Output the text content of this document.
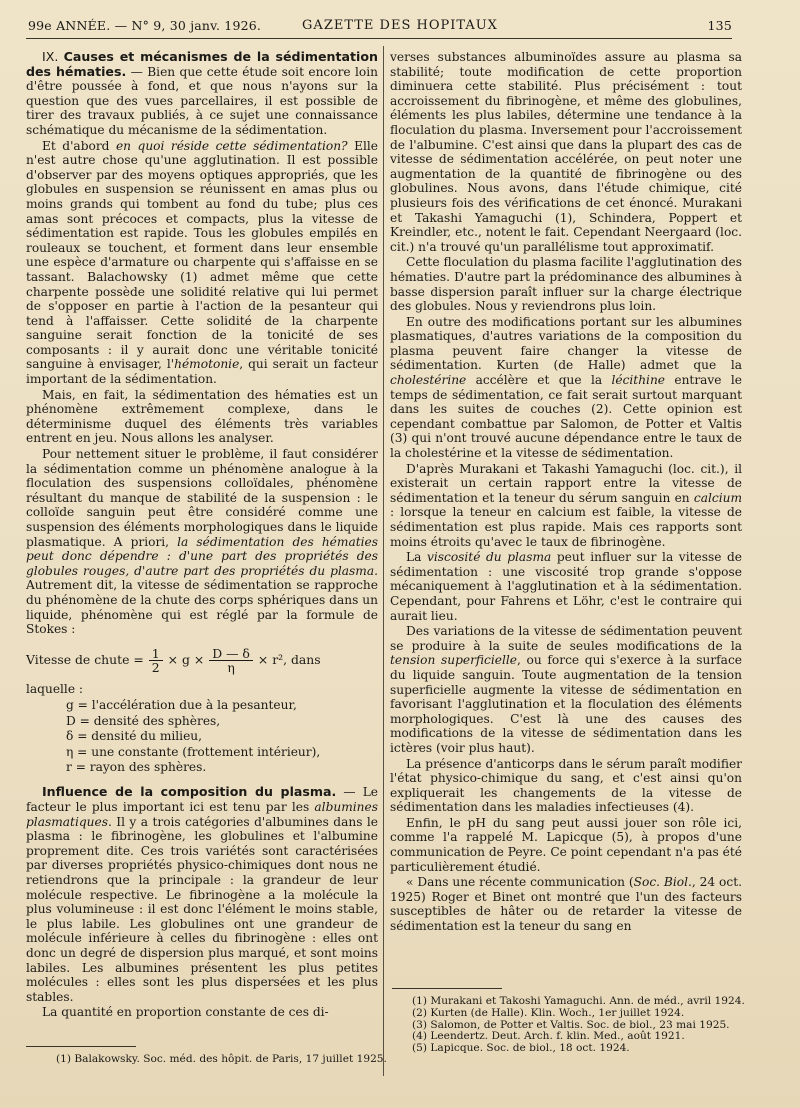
99e ANNÉE. — N° 9, 30 janv. 1926.	GAZETTE DES HOPITAUX	135

IX. Causes et mécanismes de la sédimentation des hématies. — Bien que cette étude soit encore loin d'être poussée à fond, et que nous n'ayons sur la question que des vues parcellaires, il est possible de tirer des travaux publiés, à ce sujet une connaissance schématique du mécanisme de la sédimentation.

Et d'abord en quoi réside cette sédimentation? Elle n'est autre chose qu'une agglutination. Il est possible d'observer par des moyens optiques appropriés, que les globules en suspension se réunissent en amas plus ou moins grands qui tombent au fond du tube; plus ces amas sont précoces et compacts, plus la vitesse de sédimentation est rapide. Tous les globules empilés en rouleaux se touchent, et forment dans leur ensemble une espèce d'armature ou charpente qui s'affaisse en se tassant. Balachowsky (1) admet même que cette charpente possède une solidité relative qui lui permet de s'opposer en partie à l'action de la pesanteur qui tend à l'affaisser. Cette solidité de la charpente sanguine serait fonction de la tonicité de ses composants : il y aurait donc une véritable tonicité sanguine à envisager, l'hémotonie, qui serait un facteur important de la sédimentation.

Mais, en fait, la sédimentation des hématies est un phénomène extrêmement complexe, dans le déterminisme duquel des éléments très variables entrent en jeu. Nous allons les analyser.

Pour nettement situer le problème, il faut considérer la sédimentation comme un phénomène analogue à la floculation des suspensions colloïdales, phénomène résultant du manque de stabilité de la suspension : le colloïde sanguin peut être considéré comme une suspension des éléments morphologiques dans le liquide plasmatique. A priori, la sédimentation des hématies peut donc dépendre : d'une part des propriétés des globules rouges, d'autre part des propriétés du plasma. Autrement dit, la vitesse de sédimentation se rapproche du phénomène de la chute des corps sphériques dans un liquide, phénomène qui est réglé par la formule de Stokes :

Vitesse de chute = $\frac{1}{2} \times g \times \frac{D — \delta}{\eta} \times r^2$, dans

laquelle :

g = l'accélération due à la pesanteur,
D = densité des sphères,
δ = densité du milieu,
η = une constante (frottement intérieur),
r = rayon des sphères.

Influence de la composition du plasma. — Le facteur le plus important ici est tenu par les albumines plasmatiques. Il y a trois catégories d'albumines dans le plasma : le fibrinogène, les globulines et l'albumine proprement dite. Ces trois variétés sont caractérisées par diverses propriétés physico-chimiques dont nous ne retiendrons que la principale : la grandeur de leur molécule respective. Le fibrinogène a la molécule la plus volumineuse : il est donc l'élément le moins stable, le plus labile. Les globulines ont une grandeur de molécule inférieure à celles du fibrinogène : elles ont donc un degré de dispersion plus marqué, et sont moins labiles. Les albumines présentent les plus petites molécules : elles sont les plus dispersées et les plus stables.

La quantité en proportion constante de ces di-

(1) Balakowsky. Soc. méd. des hôpit. de Paris, 17 juillet 1925.

verses substances albuminoïdes assure au plasma sa stabilité; toute modification de cette proportion diminuera cette stabilité. Plus précisément : tout accroissement du fibrinogène, et même des globulines, éléments les plus labiles, détermine une tendance à la floculation du plasma. Inversement pour l'accroissement de l'albumine. C'est ainsi que dans la plupart des cas de vitesse de sédimentation accélérée, on peut noter une augmentation de la quantité de fibrinogène ou des globulines. Nous avons, dans l'étude chimique, cité plusieurs fois des vérifications de cet énoncé. Murakani et Takashi Yamaguchi (1), Schindera, Poppert et Kreindler, etc., notent le fait. Cependant Neergaard (loc. cit.) n'a trouvé qu'un parallélisme tout approximatif.

Cette floculation du plasma facilite l'agglutination des hématies. D'autre part la prédominance des albumines à basse dispersion paraît influer sur la charge électrique des globules. Nous y reviendrons plus loin.

En outre des modifications portant sur les albumines plasmatiques, d'autres variations de la composition du plasma peuvent faire changer la vitesse de sédimentation. Kurten (de Halle) admet que la cholestérine accélère et que la lécithine entrave le temps de sédimentation, ce fait serait surtout marquant dans les suites de couches (2). Cette opinion est cependant combattue par Salomon, de Potter et Valtis (3) qui n'ont trouvé aucune dépendance entre le taux de la cholestérine et la vitesse de sédimentation.

D'après Murakani et Takashi Yamaguchi (loc. cit.), il existerait un certain rapport entre la vitesse de sédimentation et la teneur du sérum sanguin en calcium : lorsque la teneur en calcium est faible, la vitesse de sédimentation est plus rapide. Mais ces rapports sont moins étroits qu'avec le taux de fibrinogène.

La viscosité du plasma peut influer sur la vitesse de sédimentation : une viscosité trop grande s'oppose mécaniquement à l'agglutination et à la sédimentation. Cependant, pour Fahrens et Löhr, c'est le contraire qui aurait lieu.

Des variations de la vitesse de sédimentation peuvent se produire à la suite de seules modifications de la tension superficielle, ou force qui s'exerce à la surface du liquide sanguin. Toute augmentation de la tension superficielle augmente la vitesse de sédimentation en favorisant l'agglutination et la floculation des éléments morphologiques. C'est là une des causes des modifications de la vitesse de sédimentation dans les ictères (voir plus haut).

La présence d'anticorps dans le sérum paraît modifier l'état physico-chimique du sang, et c'est ainsi qu'on expliquerait les changements de la vitesse de sédimentation dans les maladies infectieuses (4).

Enfin, le pH du sang peut aussi jouer son rôle ici, comme l'a rappelé M. Lapicque (5), à propos d'une communication de Peyre. Ce point cependant n'a pas été particulièrement étudié.

« Dans une récente communication (Soc. Biol., 24 oct. 1925) Roger et Binet ont montré que l'un des facteurs susceptibles de hâter ou de retarder la vitesse de sédimentation est la teneur du sang en

(1) Murakani et Takoshi Yamaguchi. Ann. de méd., avril 1924.
(2) Kurten (de Halle). Klin. Woch., 1er juillet 1924.
(3) Salomon, de Potter et Valtis. Soc. de biol., 23 mai 1925.
(4) Leendertz. Deut. Arch. f. klin. Med., août 1921.
(5) Lapicque. Soc. de biol., 18 oct. 1924.
